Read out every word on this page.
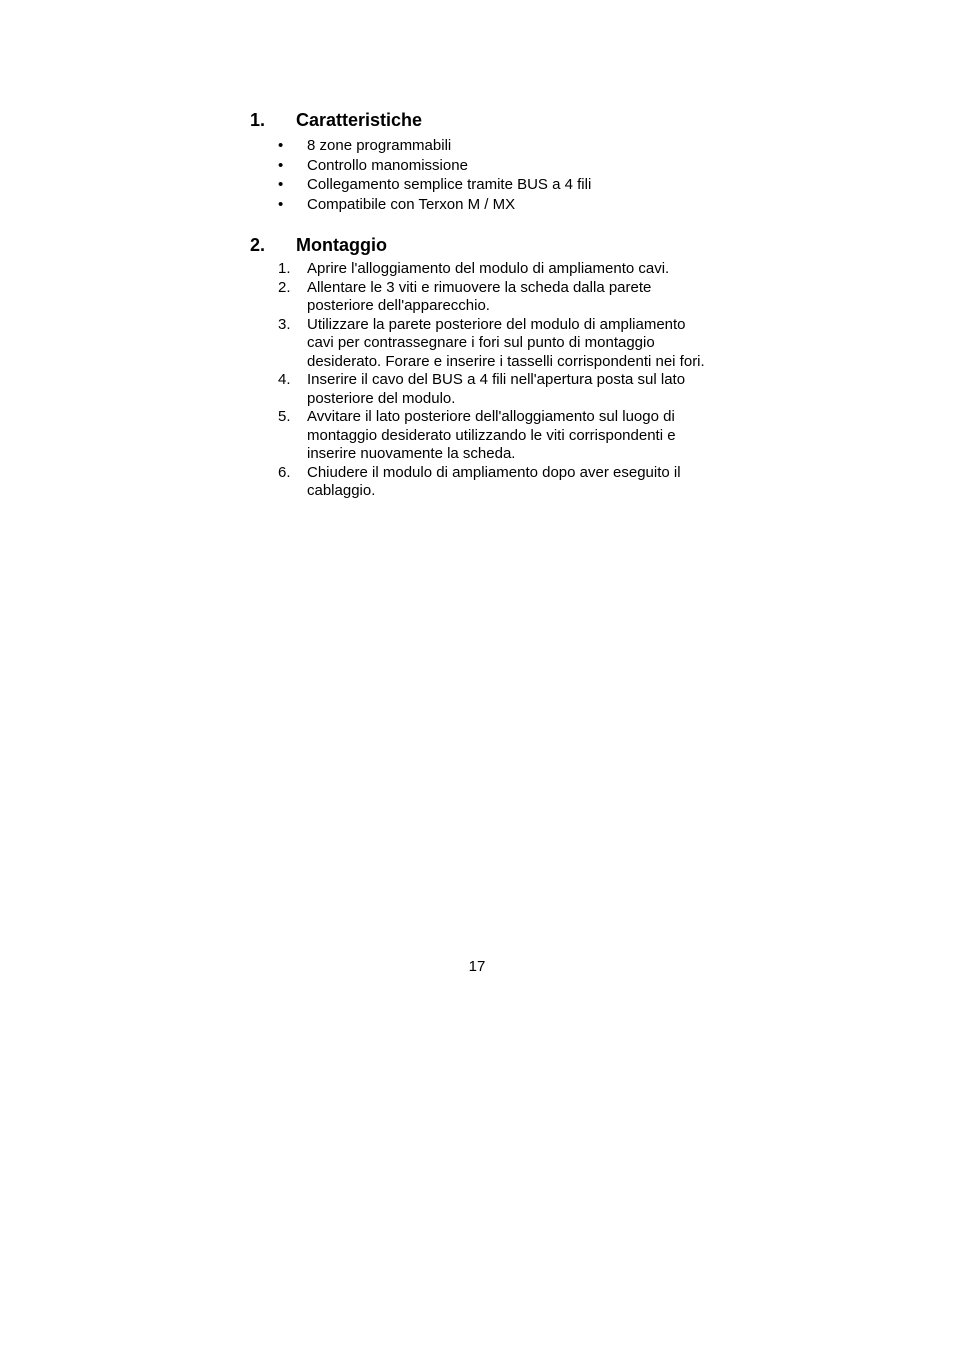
1. Caratteristiche
• 8 zone programmabili
• Controllo manomissione
• Collegamento semplice tramite BUS a 4 fili
• Compatibile con Terxon M / MX
2. Montaggio
1. Aprire l'alloggiamento del modulo di ampliamento cavi.
2. Allentare le 3 viti e rimuovere la scheda dalla parete posteriore dell'apparecchio.
3. Utilizzare la parete posteriore del modulo di ampliamento cavi per contrassegnare i fori sul punto di montaggio desiderato. Forare e inserire i tasselli corrispondenti nei fori.
4. Inserire il cavo del BUS a 4 fili nell'apertura posta sul lato posteriore del modulo.
5. Avvitare il lato posteriore dell'alloggiamento sul luogo di montaggio desiderato utilizzando le viti corrispondenti e inserire nuovamente la scheda.
6. Chiudere il modulo di ampliamento dopo aver eseguito il cablaggio.
17
